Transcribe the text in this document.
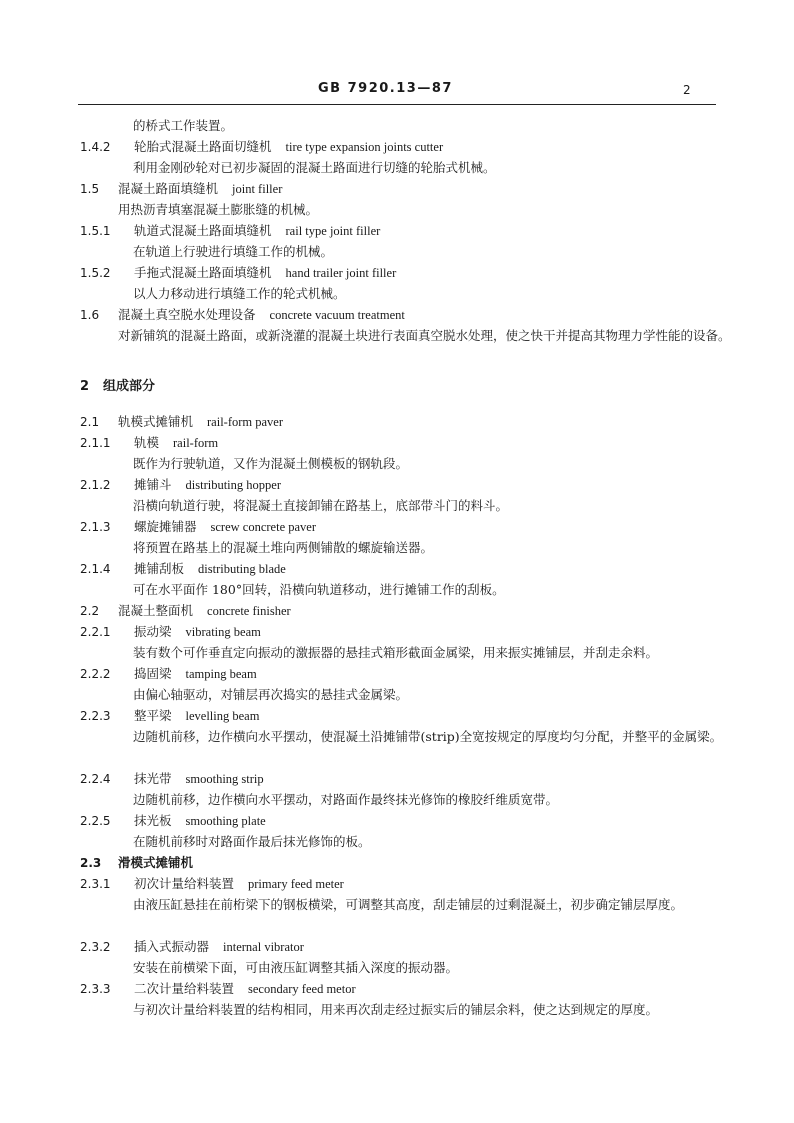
GB 7920.13—87	2
的桥式工作装置。
1.4.2 轮胎式混凝土路面切缝机 tire type expansion joints cutter
利用金刚砂轮对已初步凝固的混凝土路面进行切缝的轮胎式机械。
1.5 混凝土路面填缝机 joint filler
用热沥青填塞混凝土膨胀缝的机械。
1.5.1 轨道式混凝土路面填缝机 rail type joint filler
在轨道上行驶进行填缝工作的机械。
1.5.2 手拖式混凝土路面填缝机 hand trailer joint filler
以人力移动进行填缝工作的轮式机械。
1.6 混凝土真空脱水处理设备 concrete vacuum treatment
对新铺筑的混凝土路面，或新浇灌的混凝土块进行表面真空脱水处理，使之快干并提高其物理力学性能的设备。
2 组成部分
2.1 轨模式摊铺机 rail-form paver
2.1.1 轨模 rail-form
既作为行驶轨道，又作为混凝土侧模板的钢轨段。
2.1.2 摊铺斗 distributing hopper
沿横向轨道行驶，将混凝土直接卸铺在路基上，底部带斗门的料斗。
2.1.3 螺旋摊铺器 screw concrete paver
将预置在路基上的混凝土堆向两侧铺散的螺旋输送器。
2.1.4 摊铺刮板 distributing blade
可在水平面作 180°回转，沿横向轨道移动，进行摊铺工作的刮板。
2.2 混凝土整面机 concrete finisher
2.2.1 振动梁 vibrating beam
装有数个可作垂直定向振动的激振器的悬挂式箱形截面金属梁，用来振实摊铺层，并刮走余料。
2.2.2 捣固梁 tamping beam
由偏心轴驱动，对铺层再次捣实的悬挂式金属梁。
2.2.3 整平梁 levelling beam
边随机前移，边作横向水平摆动，使混凝土沿摊铺带(strip)全宽按规定的厚度均匀分配，并整平的金属梁。
2.2.4 抹光带 smoothing strip
边随机前移，边作横向水平摆动，对路面作最终抹光修饰的橡胶纤维质宽带。
2.2.5 抹光板 smoothing plate
在随机前移时对路面作最后抹光修饰的板。
2.3 滑模式摊铺机
2.3.1 初次计量给料装置 primary feed meter
由液压缸悬挂在前桁梁下的钢板横梁，可调整其高度，刮走铺层的过剩混凝土，初步确定铺层厚度。
2.3.2 插入式振动器 internal vibrator
安装在前横梁下面，可由液压缸调整其插入深度的振动器。
2.3.3 二次计量给料装置 secondary feed metor
与初次计量给料装置的结构相同，用来再次刮走经过振实后的铺层余料，使之达到规定的厚度。
